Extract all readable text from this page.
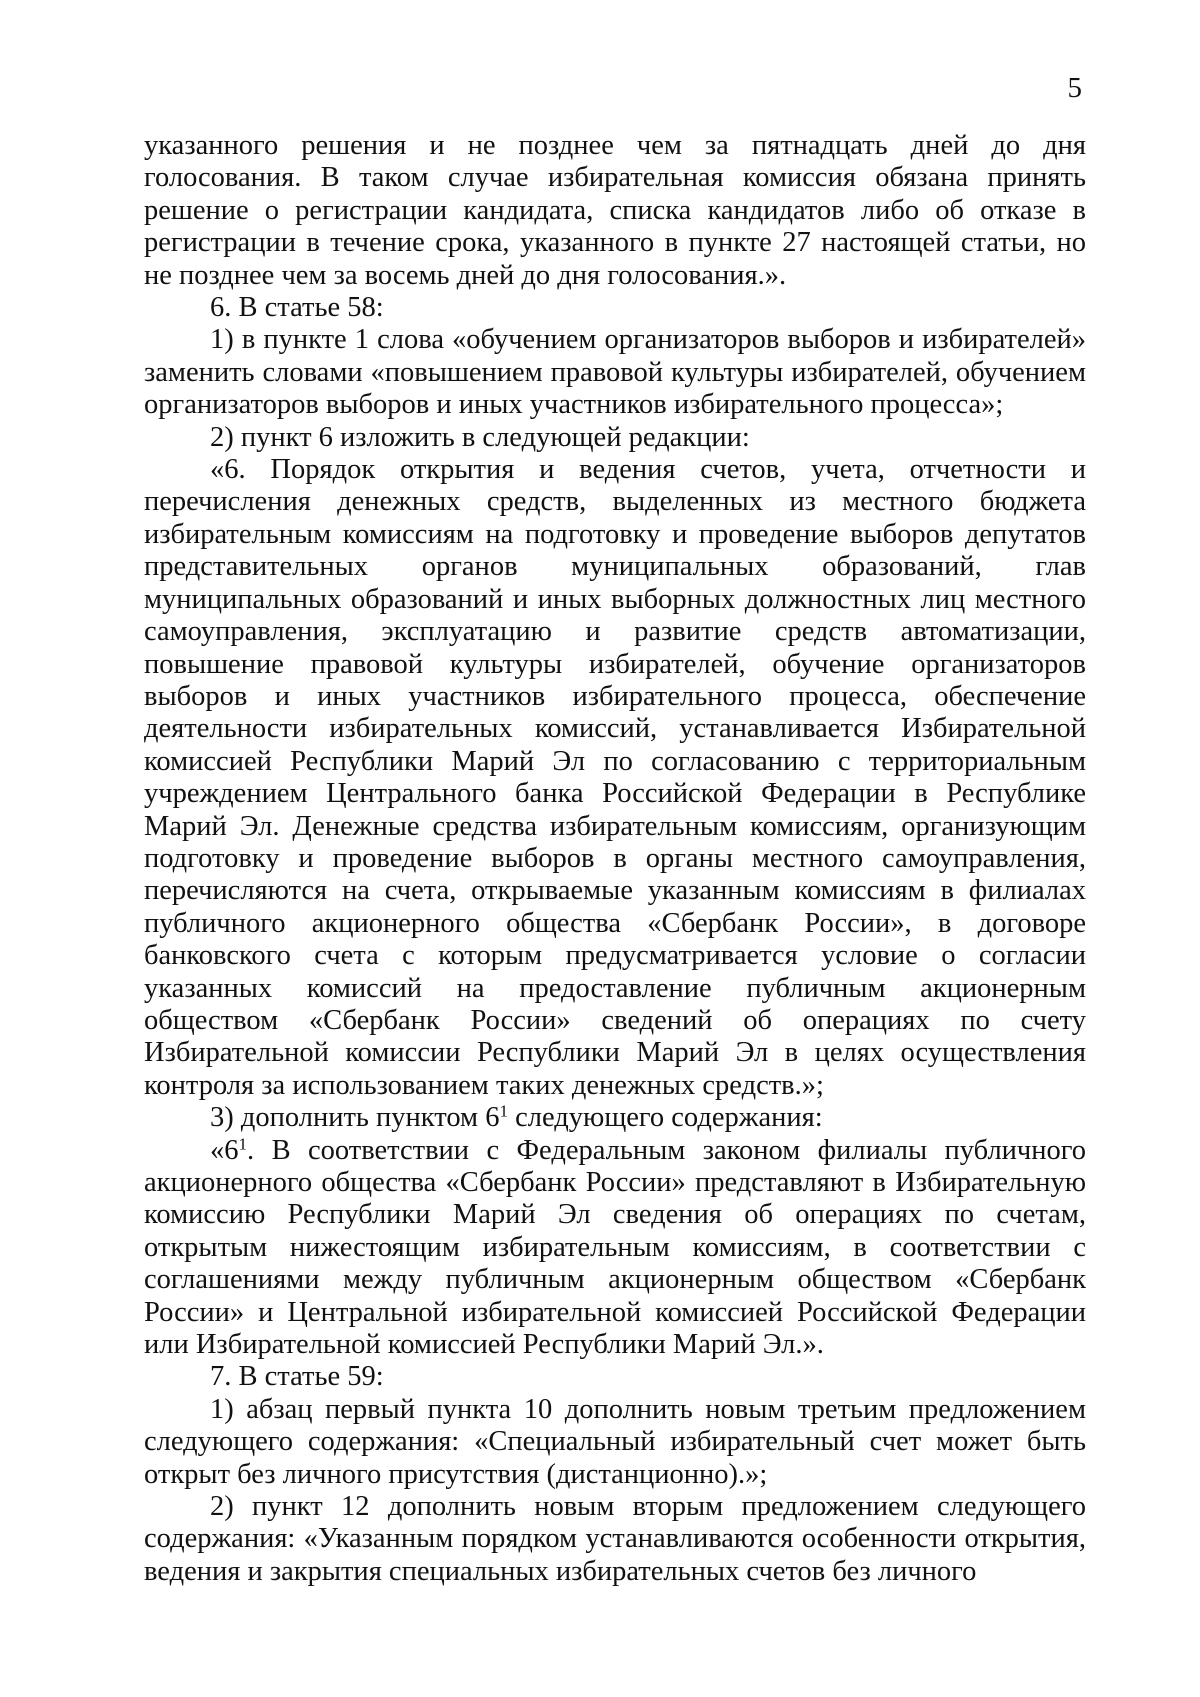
5

указанного решения и не позднее чем за пятнадцать дней до дня голосования. В таком случае избирательная комиссия обязана принять решение о регистрации кандидата, списка кандидатов либо об отказе в регистрации в течение срока, указанного в пункте 27 настоящей статьи, но не позднее чем за восемь дней до дня голосования.».

6. В статье 58:

1) в пункте 1 слова «обучением организаторов выборов и избирателей» заменить словами «повышением правовой культуры избирателей, обучением организаторов выборов и иных участников избирательного процесса»;

2) пункт 6 изложить в следующей редакции:

«6. Порядок открытия и ведения счетов, учета, отчетности и перечисления денежных средств, выделенных из местного бюджета избирательным комиссиям на подготовку и проведение выборов депутатов представительных органов муниципальных образований, глав муниципальных образований и иных выборных должностных лиц местного самоуправления, эксплуатацию и развитие средств автоматизации, повышение правовой культуры избирателей, обучение организаторов выборов и иных участников избирательного процесса, обеспечение деятельности избирательных комиссий, устанавливается Избирательной комиссией Республики Марий Эл по согласованию с территориальным учреждением Центрального банка Российской Федерации в Республике Марий Эл. Денежные средства избирательным комиссиям, организующим подготовку и проведение выборов в органы местного самоуправления, перечисляются на счета, открываемые указанным комиссиям в филиалах публичного акционерного общества «Сбербанк России», в договоре банковского счета с которым предусматривается условие о согласии указанных комиссий на предоставление публичным акционерным обществом «Сбербанк России» сведений об операциях по счету Избирательной комиссии Республики Марий Эл в целях осуществления контроля за использованием таких денежных средств.»;

3) дополнить пунктом $6^1$ следующего содержания:

«$6^1$. В соответствии с Федеральным законом филиалы публичного акционерного общества «Сбербанк России» представляют в Избирательную комиссию Республики Марий Эл сведения об операциях по счетам, открытым нижестоящим избирательным комиссиям, в соответствии с соглашениями между публичным акционерным обществом «Сбербанк России» и Центральной избирательной комиссией Российской Федерации или Избирательной комиссией Республики Марий Эл.».

7. В статье 59:

1) абзац первый пункта 10 дополнить новым третьим предложением следующего содержания: «Специальный избирательный счет может быть открыт без личного присутствия (дистанционно).»;

2) пункт 12 дополнить новым вторым предложением следующего содержания: «Указанным порядком устанавливаются особенности открытия, ведения и закрытия специальных избирательных счетов без личного
